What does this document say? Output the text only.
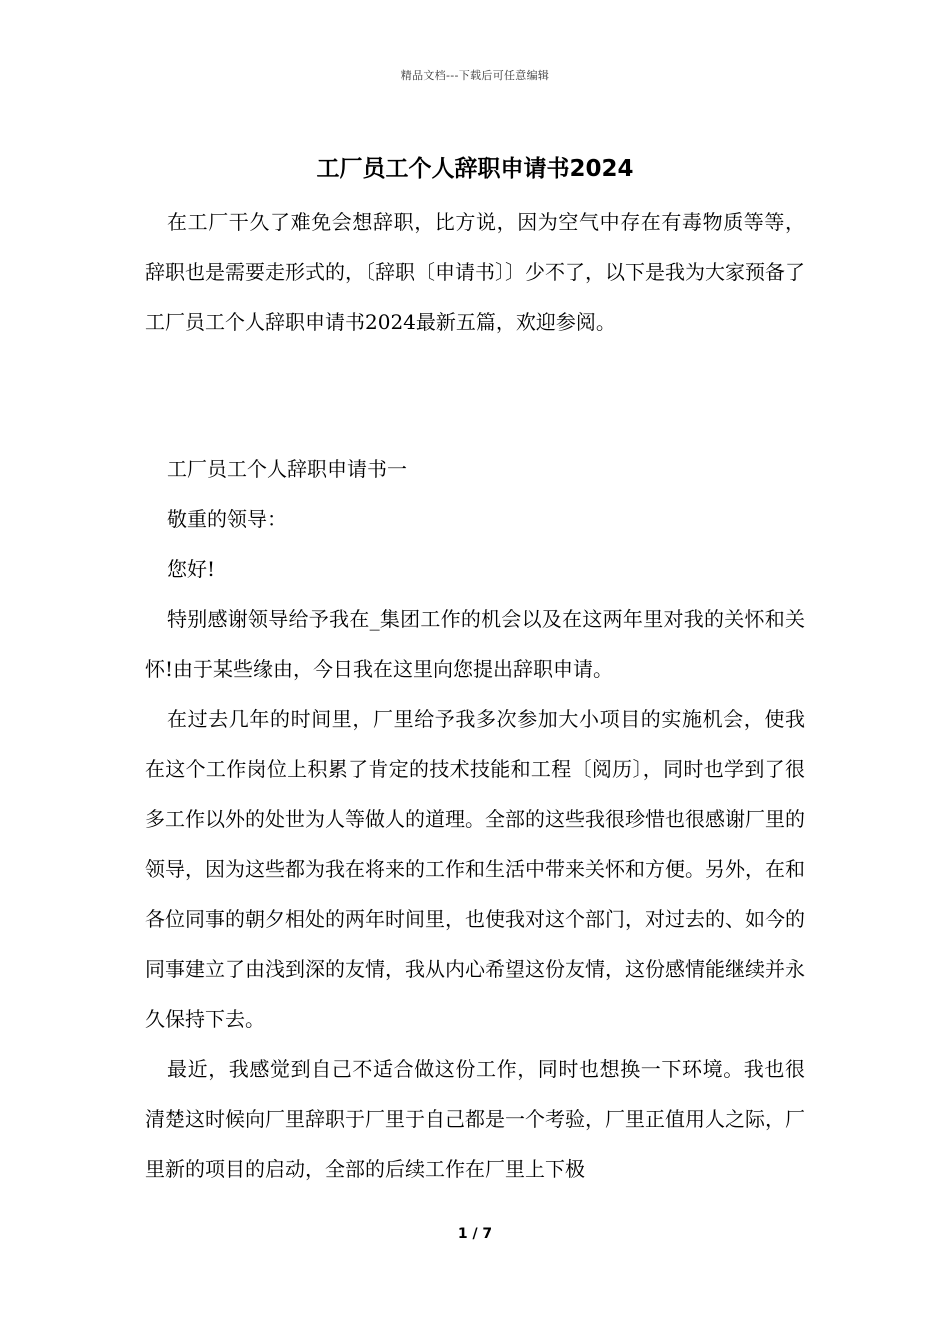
精品文档---下载后可任意编辑
工厂员工个人辞职申请书2024

在工厂干久了难免会想辞职，比方说，因为空气中存在有毒物质等等，辞职也是需要走形式的，〔辞职〔申请书〕〕少不了，以下是我为大家预备了工厂员工个人辞职申请书2024最新五篇，欢迎参阅。

工厂员工个人辞职申请书一

敬重的领导：

您好!

特别感谢领导给予我在_集团工作的机会以及在这两年里对我的关怀和关怀!由于某些缘由，今日我在这里向您提出辞职申请。

在过去几年的时间里，厂里给予我多次参加大小项目的实施机会，使我在这个工作岗位上积累了肯定的技术技能和工程〔阅历〕，同时也学到了很多工作以外的处世为人等做人的道理。全部的这些我很珍惜也很感谢厂里的领导，因为这些都为我在将来的工作和生活中带来关怀和方便。另外，在和各位同事的朝夕相处的两年时间里，也使我对这个部门，对过去的、如今的同事建立了由浅到深的友情，我从内心希望这份友情，这份感情能继续并永久保持下去。

最近，我感觉到自己不适合做这份工作，同时也想换一下环境。我也很清楚这时候向厂里辞职于厂里于自己都是一个考验，厂里正值用人之际，厂里新的项目的启动，全部的后续工作在厂里上下极

1 / 7
